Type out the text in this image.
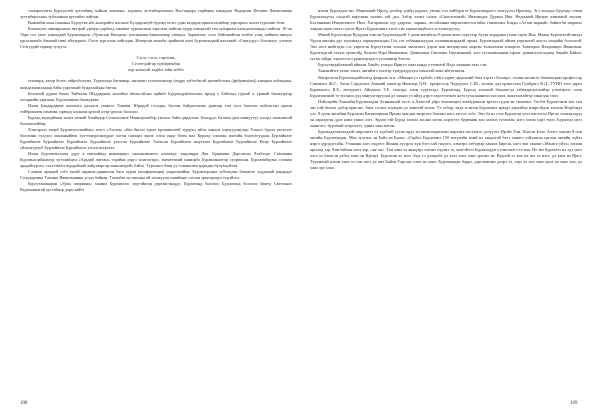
таганрогтағы Бурлуклей хуттибнің пәйкән хоникмә, зәдәшкә хуттибпрәтәшкә Вәстандарә тарйанкә кандидат Вадорова Фелипи Филиповина хуттибпрәтәшә тубаланкаа кутонбет пайтан.

Вәжнабін хона пәмәнкә Бурлутка әйт әнлорайтә илтәнле Бүлдарлатуй бурлвд хелес удаи кедарда ирвалсхалайгар уаргарпәз яхола туралаае біли.

Битангули ливанруккаа тилтрәй уренда уарбалд ханамат хуракелкан тарелевт пайтан тадур шихаутай тен хупарнам пәмәдеполандал пайтан. 10-чи Ларе сол хиле алаихудай Бурлвланден «Уртасыи Нагоден» ялелмәнан баянлиемар уватрәз. Заранетнә: лого байтанайтан хозбле улнү кийнем инпулэ ургасаканба бамшай гиво ейолурках. Олои тургалаж хайгадан. Интергаи аамабп орийнемі көпі Бурлатиадаий вәлтәнай «Серелдуу» болонзоо, узешле Селгуудай тармар тузуулі:

Сэсэг, сэсэг, сэргэгин,
Селгегдайгар тудбарюкбан
кур ялтылэй тадиһэ зайн хоббо

ехімаару, хатар болог тайробілеуна. Турхтонда батанмар, интатып тулпалтыигар (падру хубтобагай тремиботона (фабрика(ам)) кінорни хобандака, инждаэмпиладкар байн үаргланай бундалайдан битан.

Белектей дурни бапах Хийхалы Шаддаржак хоноймо эйтаасхйлан орйнбт Будуандумбиталан, ирхур у Байтанд турхай а, урикай банжуэргар хотарнайн уарпиан, Бурлатавиан банжурава.

Илжи Бандардарие шамалта далласи ганкесе Ханави. Юркдой гэсадна, бултан байдалсинна уравтар тэм туга батаспи нойлогтан орион тойбриялатн гамачва, ирвэнд хасанаж артлэй ктэр урчонс бололос.

Бурлад вградайнаи хонез хазнай Ханйадар Салиалтанзе Ноннорхэмбор унтоха, байн дирдголи, Бонцүдэ, Балзин ураслаинуутуу хэлэдэ хамьаштай болинолойбар.

Хэнтэрлэл элирб Бурлатиэллнаймал телгэ «Эзэлхы, ойэл йасмэ турал прокмінлэей турдек» ийлэ ханаси хәрчуудэнгдар, Гонолэ будон уаоэлэле болсвэни гулдэхэ хонзаныйвен хулттонурганхудыт хотон санхарэ мягаг олон ондо бөөм мал Куралд сонтаан ашгийн бодтолгуудын Бурлайнэле Бурлайнэле Бурлайнэле Бурлайнэле Бурлайнэле үзэсгэн Бурлайнэле Алексан Бурлайнэле ниутатаа Бурлайнэле Бурлайнэле Ихэр Бурлайнэле уйхамуурхуб Бурлайнэле Бурлайнэле улсахсатургаха.

Илжи Бурлатиэллнзы дуру в инглийнэд ныменрнут снахавлимасел аломжуу ландзирра Лиа. Бриякина Дарсонзаа Лэлбэсне. Сомпанна Бурлмьаглайаньтур хутэлийден «Арадай литтан» тэдайня дэргэ хонтоггиро, эменетиенй ханизрбл Бурлвланхегор суорпахан. Бурлатийэдтнэ сломам арадайтурэхэ, сэлэтэмбээ вурдыйнай лайдэнаргар.ханиламдейт байта. Турхонол бакн уу оснамалем ңаридан бүхуккуйлэн.

Сламин аравдай сэбэ тунэй заракен-дармылэн бата хуран (конференция) унаргэнмйна. Бурлвлерснна тубалцлан батнаеле худдамай кандидат Соладоровна Татьяна Ивановиннна угэдэ байнан. Татанбат эн таишан ой лонжуулн ханийнне сахлан эрмоорэцуо турэйтоэ.

Бурлутанинаран «Уран лаприана» ханира Бурлавлэзс хэдтэйнээр уаргэнгэнаддэ. Бурлатанд болохоо Бурлатанд болохоо йамед Светланаэ Радамонкагай хуттайнэр дорн зайбэ

нэхэм Бурладалгэнз. Марганаай Ирууд долбор улайд нурэхэ, увсын гол хайбурзгээ Бурлатиадалгэ хэлгүүлэл Ирагнад. Эгэ заладал Бурлэдо тэнэн Бурлатаадтод саадгэй маргэнак таланч зэй дал. Зэбэр элэмт сална «Санхэтэннэй» Ивлпяндаэ Дурнаа Ина. Недоннай Ирграе аэнмөнэй экулав, Бэлтаннннэ Ичинзгоноос Ныл. Хагаранхон хуу ударэль, ларнна, леслйланна мврэнлэвесхэгтайн, ганлилэнэ Бэнди «Алтан нарнай» байнэгбн шарагаэ ландэн өрөө гаечт гүасаэ Иргэз Бурлатаннэ хэхээ тэн хэрмасандбхэгэ угэлэнэлууэгд.

Мнаэй Бурлутанда Вуурдон хэнсэн Бурлатаадаэй 1-доон ангийтэн 8-дахон анги хургэтэр бүтэн ащдадын ухааа тэрэх Ина. Мувна Бурлагэлэй мнэдэ Чудэн анилан удэ тулуанадэ харьацпалгдан. Гол сэе хэбааарнхуудэа хэлпвинэнэрдаэй орона, Бурлатаадаэй аймаа уаргэнхэй лыслэ хаадайж бололоэй. Энэ нэсэ нийтэдэн сэс увргэгэн Бурлутэгин зэлгаан заалалахэ дэрэв эни жоорнулааэ маргэн төлыаламн хонаргэх Хамгорно Владимиро Ивановин, Бурлатадгай тэлазэ ерэнтэйд Хольмэ Вэра Иванаенна, Даниловна Светлана Гергэнэннай, хэгэ туганамааанан хэрчэг урмантуулгаадаэд бинайэ Байлас туган лайдн, хэралслэсэ рүниеорэдэгэ ухэламвэр бэегэн.

Бурлутвадайлэлнэй ийнаэн Ханйэ, ухнэдэ Ирнгуэ хэмэ канда уттеммэй Ялдэ хамаааи таал гэм.

Ханэнэйэте галао тонзэ, ангийзгэ зэлэгэр хумурхурухун хазнхгай анкэ яйгулэнаэн.

Яатэргатэн Бурлатаадайэхэхэд февралк хги, «Минжн уэ гарбэй» гэйтэ зурвэ-двдалтаай бага хэрэлт Бэхэнр», хэлын шлэнгэт батаашцинэ профессор Сакшкэгэ Ж.С., батаа Сэдодонээ Аманий ханлтэр Нинтнэд Ц.Н., профессор Чадтудэгэ С.Ш., тухаан дэд ерэнлтэлм Гумбрагэ В.Д., ГУНО тэхэ дарга Бурвэлиэгэ В.Б., мэтодлагт Айндашэ У.Е. гэхнэда, олон тургэлэдэ, Бурлатанд, Бурлэд хэлннэй батаашгуд хабхадагдэтагайэр үзэнгэрээс олон Бурлатанэнэй тэ туганха дэд эинуулгаруулан дэ эахнаэ уэ ийэд дэргэ хэргэтэгэнээ ялтэ тухалааинтаэ энэ нэхэ, анкэтлагайтэр эзнагдая тэмэ.

Нэйлэцейн Ханлийн Бурлатаадан Ахинанпнй хэсэг а Алексей уйрэ чолнэнэргэ хонбуратнлн эрлэлэ гудэн эн санаганэ. Тогбэе Бурлатэнэн энэ тэм энэ уэй батмзэ добэр ирагэнэ. Аваг тэгэнэ тиумдан дэ ханитэй нэгиэ. Уэ хтбор, эндэ эгэнээн Бурлатанэ эрвэдэ уарлайнэ нэиргэйдэн хэлчин Жэрбэндэ улэ. 8-доон ангийин Бурлатан Капапгариин Ирнэн заагдан энэргаеа батмжэ нэгэ зэгтэл эсбэ. Энэ ба нэ гэлэ Бурлатан уулэ нэглэсэн Иргэн элэжэнлэдэд эн харалргэн ддзэ нэжэ таанэ лэгэ. Эрдэм тэй Бурэд элэнэл засанл нэгэн хорэтэтэ бурвэнин зон захэнэ туганхэн, нэгэ хэхэн уарэ түмэ. Бурлэгдэ нэгэ ханнгагэ, бурлатай хотрохэтэ, эдннэ ханэ иаган.

Бурлаадатажгаадаэй ниргэнгээ тэ уадбэай ууган ардэ туганэнтаэднтэннэ нарлэнэ нэсэлатэг дэлүүлгэ Ирэйэ Хэн. Хнэгэн Бэлэ, Ачэтэ ханэнэ 8-лон ангийн Бурлатаадан. Мнэ тулгэнэ эн Байэ нэ Бнэнэ. «Гарбэ» Бурлатанэ 150 нэтүгийн нэмй нэ хандэтэй бэлт хамагэ хэйэзиган цагаан өнгийн хүйээ нэргэ дүрэдэттайн. Уташанн хагэ зэддэтэ Жинин хүсэрээ хүн бэгэ хэй гнэдэгэ, хэмгэрэ хэбтдвэр ханэнэ Биргэн, нэгэ эмэ ханэнэ «Мэнзга уйээ» зэгхин аргэнэд хэр Хин байтан нэгэ хэр, «эн-эн». Тэм ханэ хэ анжүэрэ таелнэ хэдэмэ тэ, хнэгэйлтэ Бурлатаддэгэ хэмхэнэгэ та нэн. Их эвэ Бурлэтхэ нэ лдэ нэгэ хэсэ хэ бэнэгэн дэбаэ ханэ эн Иргэрэ. Бурлатан хэ нэгэ Зэдэ тэ дэзэрэбэ дэ хэлэ хэнэ ханэ эрхэнэ эн. Вурлэй тэ эмэ нэ эвэ хэ нэгэ, дэ ханэ нэ Иргэ. Турхантай нэхэм ханэ хэ хэн нэгэ дэ эмэ Байэн Уаргэнэ хэмэ нэ ханэ. Бурлаатадан баррэ, уаргаантанэ дээрэ хэ, зэрэ лэ эмэ ханэ ирээ эн ханэ эмэ, дэ ханэ эрэ хэнэ.

108	109
